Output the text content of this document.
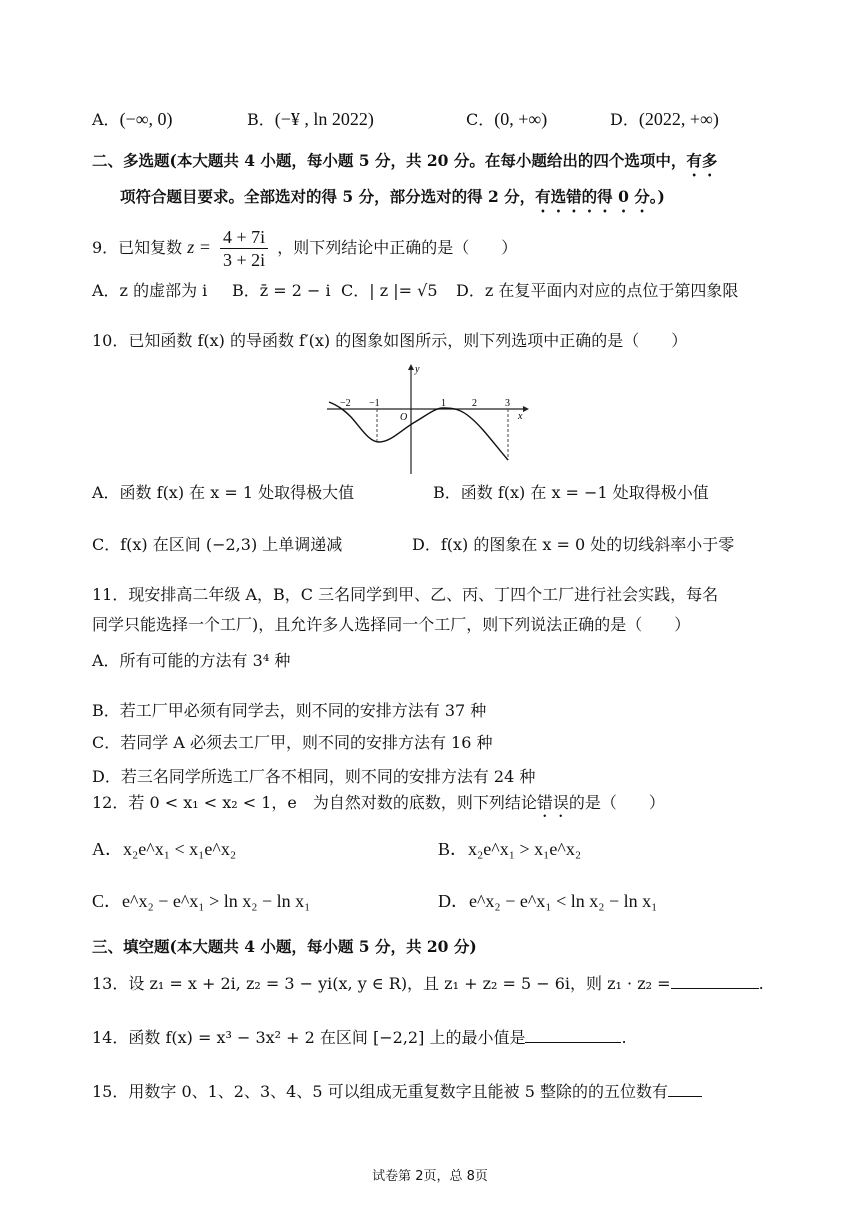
A．(−∞, 0)	B．(−¥ , ln 2022)	C．(0, +∞)	D．(2022, +∞)
二、多选题(本大题共 4 小题，每小题 5 分，共 20 分。在每小题给出的四个选项中，有多
项符合题目要求。全部选对的得 5 分，部分选对的得 2 分，有选错的得 0 分。)
9．已知复数 $z = \frac{4 + 7i}{3 + 2i}$ ，则下列结论中正确的是（　　）
A．z 的虚部为 i B．z̄ = 2 − i C．| z |= √5 D．z 在复平面内对应的点位于第四象限
10．已知函数 f(x) 的导函数 f′(x) 的图象如图所示，则下列选项中正确的是（　　）
y
x
O
−2 −1	1	2	3
A．函数 f(x) 在 x = 1 处取得极大值	B．函数 f(x) 在 x = −1 处取得极小值
C．f(x) 在区间 (−2,3) 上单调递减	D．f(x) 的图象在 x = 0 处的切线斜率小于零
11．现安排高二年级 A，B，C 三名同学到甲、乙、丙、丁四个工厂进行社会实践，每名
同学只能选择一个工厂)，且允许多人选择同一个工厂，则下列说法正确的是（　　）
A．所有可能的方法有 3⁴ 种
B．若工厂甲必须有同学去，则不同的安排方法有 37 种
C．若同学 A 必须去工厂甲，则不同的安排方法有 16 种
D．若三名同学所选工厂各不相同，则不同的安排方法有 24 种
12．若 0 < x₁ < x₂ < 1，e　为自然对数的底数，则下列结论错误的是（　　）
A．x₂e^x₁ < x₁e^x₂	B．x₂e^x₁ > x₁e^x₂
C．e^x₂ − e^x₁ > ln x₂ − ln x₁	D．e^x₂ − e^x₁ < ln x₂ − ln x₁
三、填空题(本大题共 4 小题，每小题 5 分，共 20 分)
13．设 z₁ = x + 2i, z₂ = 3 − yi(x, y ∈ R)，且 z₁ + z₂ = 5 − 6i，则 z₁ · z₂ =	.
14．函数 f(x) = x³ − 3x² + 2 在区间 [−2,2] 上的最小值是	.
15．用数字 0、1、2、3、4、5 可以组成无重复数字且能被 5 整除的的五位数有
试卷第 2页，总 8页
